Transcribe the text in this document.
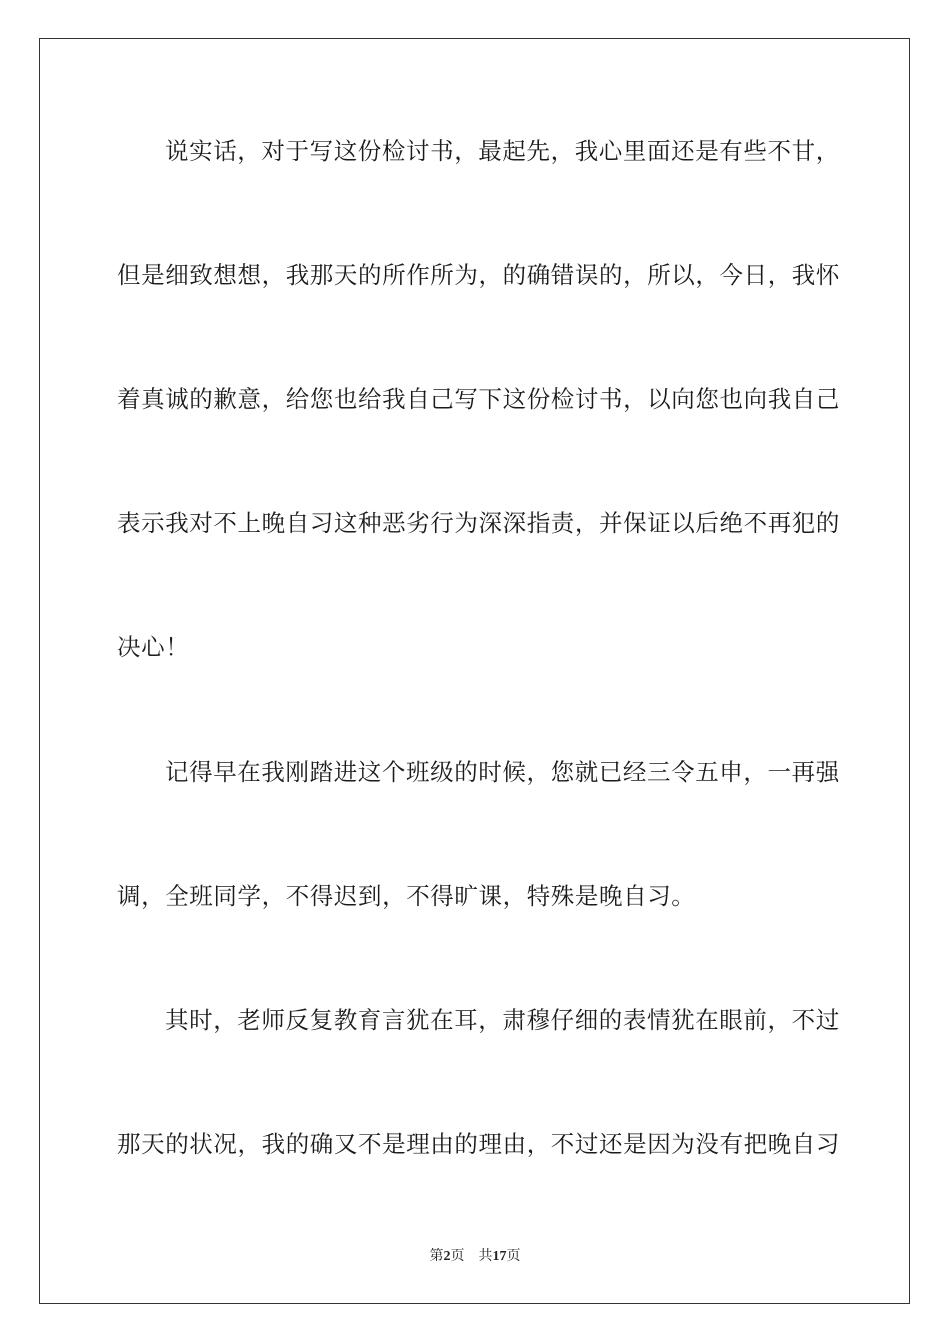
说实话，对于写这份检讨书，最起先，我心里面还是有些不甘，
但是细致想想，我那天的所作所为，的确错误的，所以，今日，我怀
着真诚的歉意，给您也给我自己写下这份检讨书，以向您也向我自己
表示我对不上晚自习这种恶劣行为深深指责，并保证以后绝不再犯的
决心！
记得早在我刚踏进这个班级的时候，您就已经三令五申，一再强
调，全班同学，不得迟到，不得旷课，特殊是晚自习。
其时，老师反复教育言犹在耳，肃穆仔细的表情犹在眼前，不过
那天的状况，我的确又不是理由的理由，不过还是因为没有把晚自习
第2页 共17页
